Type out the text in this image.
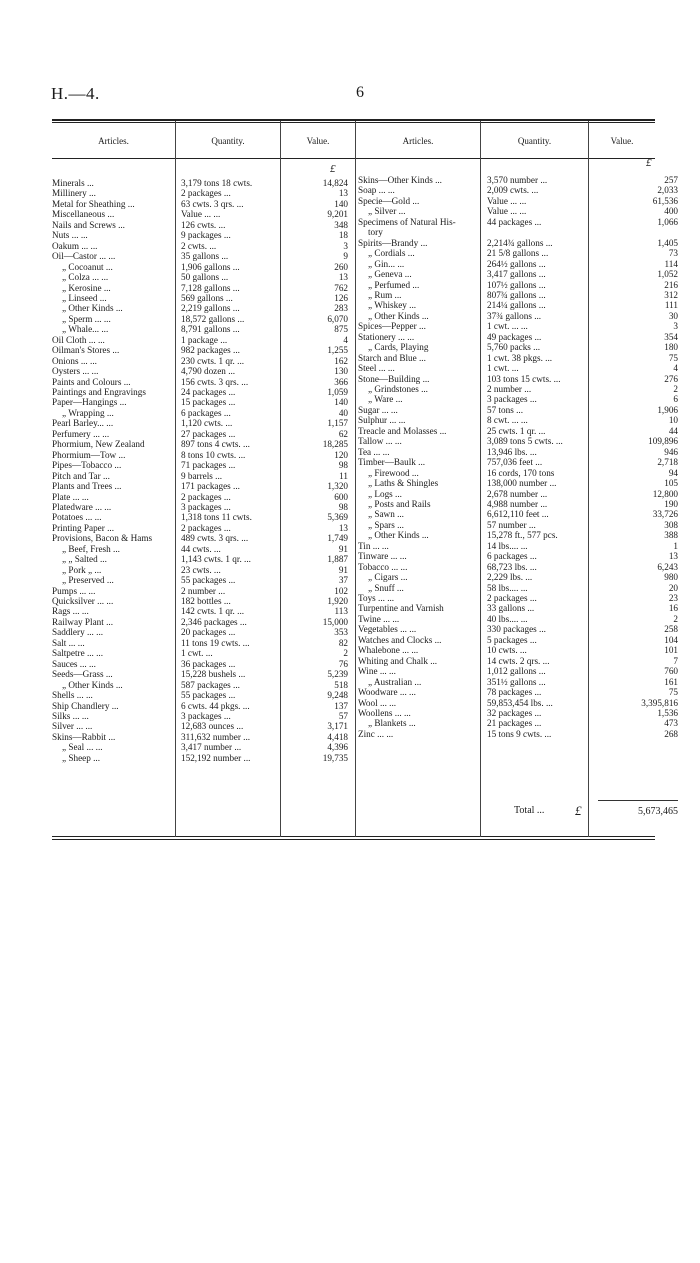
H.—4.	6
Articles.	Quantity.	Value.	Articles.	Quantity.	Value.
£	£
Minerals ...	3,179 tons 18 cwts.	14,824
Millinery ...	2 packages ...	13
Metal for Sheathing ...	63 cwts. 3 qrs. ...	140
Miscellaneous ...	Value ... ...	9,201
Nails and Screws ...	126 cwts. ...	348
Nuts ... ...	9 packages ...	18
Oakum ... ...	2 cwts. ...	3
Oil—Castor ... ...	35 gallons ...	9
„ Cocoanut ...	1,906 gallons ...	260
„ Colza ... ...	50 gallons ...	13
„ Kerosine ...	7,128 gallons ...	762
„ Linseed ...	569 gallons ...	126
„ Other Kinds ...	2,219 gallons ...	283
„ Sperm ... ...	18,572 gallons ...	6,070
„ Whale... ...	8,791 gallons ...	875
Oil Cloth ... ...	1 package ...	4
Oilman's Stores ...	982 packages ...	1,255
Onions ... ...	230 cwts. 1 qr. ...	162
Oysters ... ...	4,790 dozen ...	130
Paints and Colours ...	156 cwts. 3 qrs. ...	366
Paintings and Engravings	24 packages ...	1,059
Paper—Hangings ...	15 packages ...	140
„ Wrapping ...	6 packages ...	40
Pearl Barley... ...	1,120 cwts. ...	1,157
Perfumery ... ...	27 packages ...	62
Phormium, New Zealand	897 tons 4 cwts. ...	18,285
Phormium—Tow ...	8 tons 10 cwts. ...	120
Pipes—Tobacco ...	71 packages ...	98
Pitch and Tar ...	9 barrels ...	11
Plants and Trees ...	171 packages ...	1,320
Plate ... ...	2 packages ...	600
Platedware ... ...	3 packages ...	98
Potatoes ... ...	1,318 tons 11 cwts.	5,369
Printing Paper ...	2 packages ...	13
Provisions, Bacon & Hams	489 cwts. 3 qrs. ...	1,749
„ Beef, Fresh ...	44 cwts. ...	91
„ „ Salted ...	1,143 cwts. 1 qr. ...	1,887
„ Pork „ ...	23 cwts. ...	91
„ Preserved ...	55 packages ...	37
Pumps ... ...	2 number ...	102
Quicksilver ... ...	182 bottles ...	1,920
Rags ... ...	142 cwts. 1 qr. ...	113
Railway Plant ...	2,346 packages ...	15,000
Saddlery ... ...	20 packages ...	353
Salt ... ...	11 tons 19 cwts. ...	82
Saltpetre ... ...	1 cwt. ...	2
Sauces ... ...	36 packages ...	76
Seeds—Grass ...	15,228 bushels ...	5,239
„ Other Kinds ...	587 packages ...	518
Shells ... ...	55 packages ...	9,248
Ship Chandlery ...	6 cwts. 44 pkgs. ...	137
Silks ... ...	3 packages ...	57
Silver ... ...	12,683 ounces ...	3,171
Skins—Rabbit ...	311,632 number ...	4,418
„ Seal ... ...	3,417 number ...	4,396
„ Sheep ...	152,192 number ...	19,735
Skins—Other Kinds ...	3,570 number ...	257
Soap ... ...	2,009 cwts. ...	2,033
Specie—Gold ...	Value ... ...	61,536
„ Silver ...	Value ... ...	400
Specimens of Natural His-	44 packages ...	1,066
tory
Spirits—Brandy ...	2,214¾ gallons ...	1,405
„ Cordials ...	21 5/8 gallons ...	73
„ Gin... ...	264½ gallons ...	114
„ Geneva ...	3,417 gallons ...	1,052
„ Perfumed ...	107½ gallons ...	216
„ Rum ...	807¾ gallons ...	312
„ Whiskey ...	214¼ gallons ...	111
„ Other Kinds ...	37¾ gallons ...	30
Spices—Pepper ...	1 cwt. ... ...	3
Stationery ... ...	49 packages ...	354
„ Cards, Playing	5,760 packs ...	180
Starch and Blue ...	1 cwt. 38 pkgs. ...	75
Steel ... ...	1 cwt. ...	4
Stone—Building ...	103 tons 15 cwts. ...	276
„ Grindstones ...	2 number ...	2
„ Ware ...	3 packages ...	6
Sugar ... ...	57 tons ...	1,906
Sulphur ... ...	8 cwt. ... ...	10
Treacle and Molasses ...	25 cwts. 1 qr. ...	44
Tallow ... ...	3,089 tons 5 cwts. ...	109,896
Tea ... ...	13,946 lbs. ...	946
Timber—Baulk ...	757,036 feet ...	2,718
„ Firewood ...	16 cords, 170 tons	94
„ Laths & Shingles	138,000 number ...	105
„ Logs ...	2,678 number ...	12,800
„ Posts and Rails	4,988 number ...	190
„ Sawn ...	6,612,110 feet ...	33,726
„ Spars ...	57 number ...	308
„ Other Kinds ...	15,278 ft., 577 pcs.	388
Tin ... ...	14 lbs.... ...	1
Tinware ... ...	6 packages ...	13
Tobacco ... ...	68,723 lbs. ...	6,243
„ Cigars ...	2,229 lbs. ...	980
„ Snuff ...	58 lbs.... ...	20
Toys ... ...	2 packages ...	23
Turpentine and Varnish	33 gallons ...	16
Twine ... ...	40 lbs.... ...	2
Vegetables ... ...	330 packages ...	258
Watches and Clocks ...	5 packages ...	104
Whalebone ... ...	10 cwts. ...	101
Whiting and Chalk ...	14 cwts. 2 qrs. ...	7
Wine ... ...	1,012 gallons ...	760
„ Australian ...	351½ gallons ...	161
Woodware ... ...	78 packages ...	75
Wool ... ...	59,853,454 lbs. ...	3,395,816
Woollens ... ...	32 packages ...	1,536
„ Blankets ...	21 packages ...	473
Zinc ... ...	15 tons 9 cwts. ...	268
Total ... £	5,673,465
